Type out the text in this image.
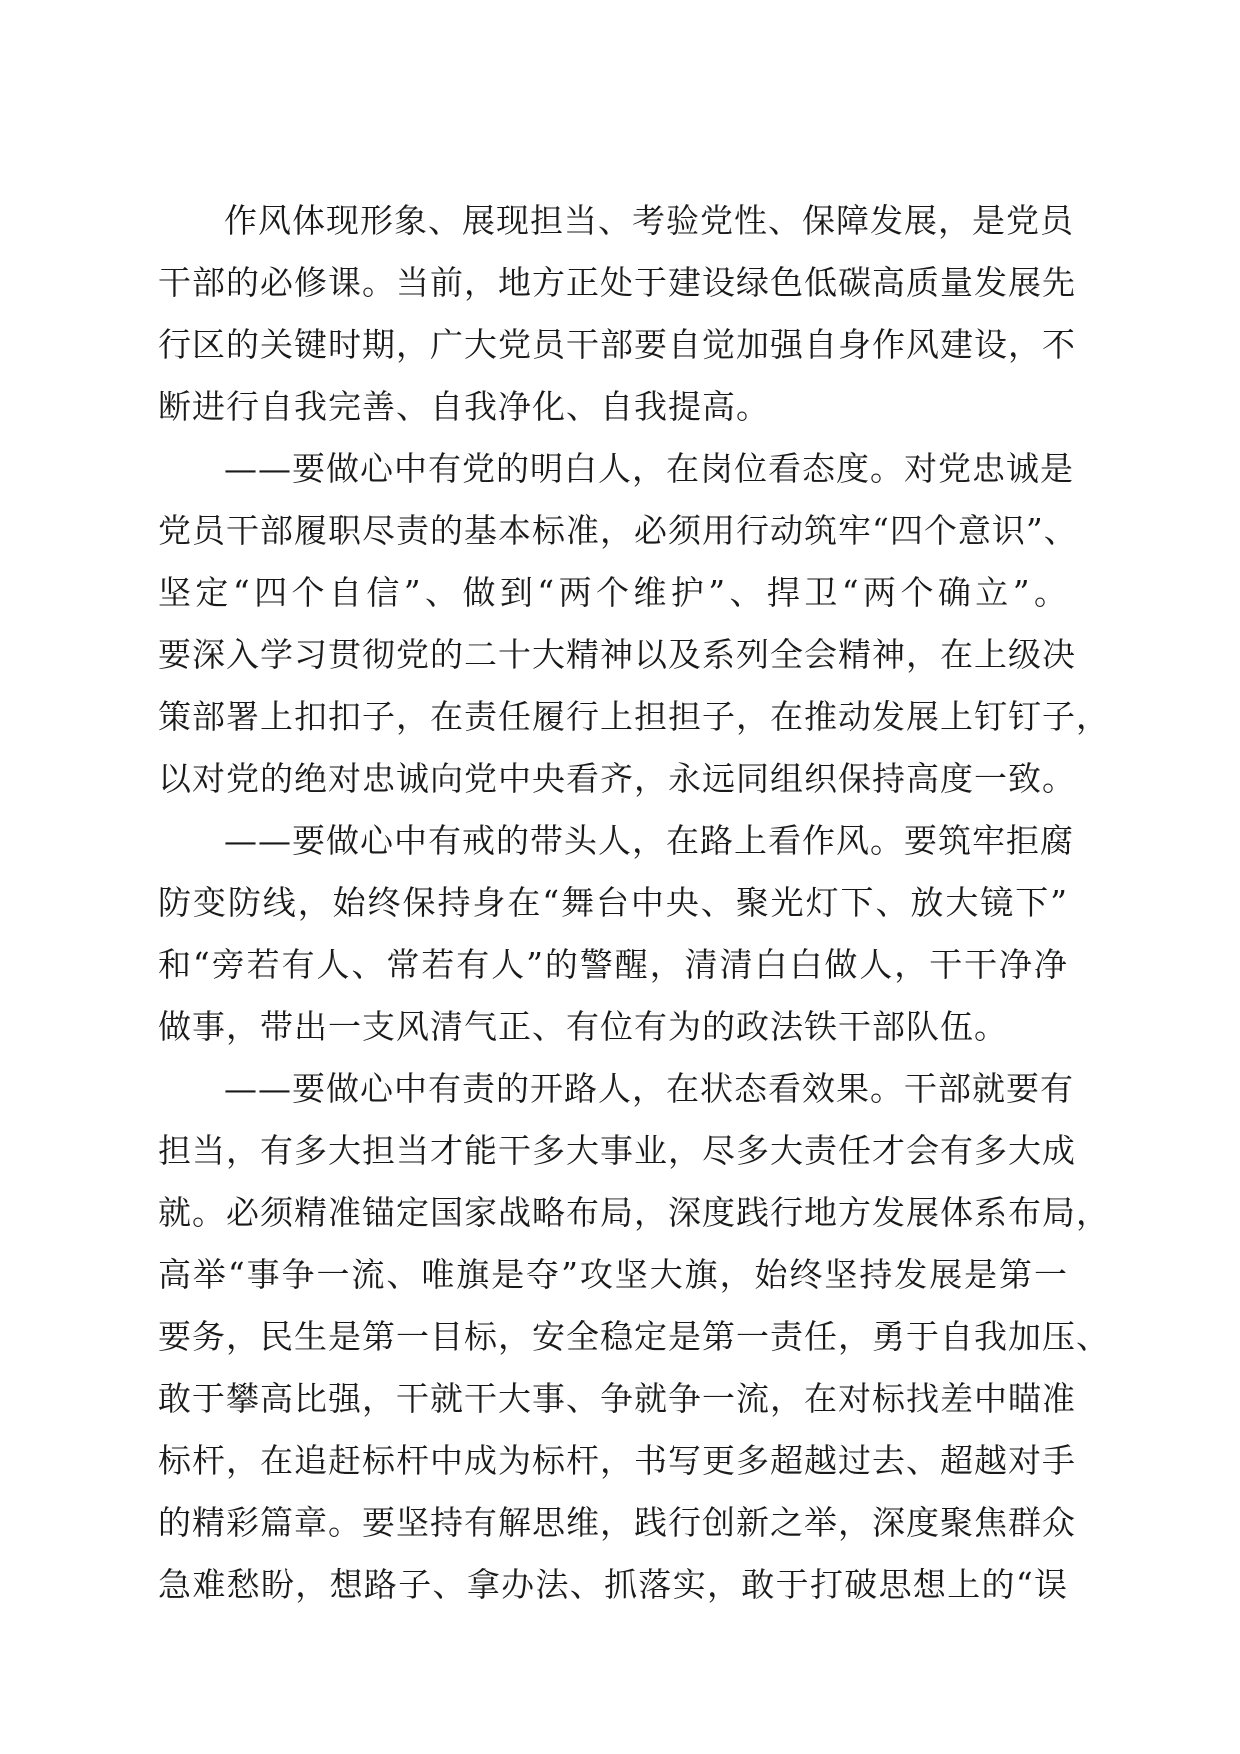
作风体现形象、展现担当、考验党性、保障发展，是党员
干部的必修课。当前，地方正处于建设绿色低碳高质量发展先
行区的关键时期，广大党员干部要自觉加强自身作风建设，不
断进行自我完善、自我净化、自我提高。
——要做心中有党的明白人，在岗位看态度。对党忠诚是
党员干部履职尽责的基本标准，必须用行动筑牢“四个意识”、
坚定“四个自信”、做到“两个维护”、捍卫“两个确立”。
要深入学习贯彻党的二十大精神以及系列全会精神，在上级决
策部署上扣扣子，在责任履行上担担子，在推动发展上钉钉子，
以对党的绝对忠诚向党中央看齐，永远同组织保持高度一致。
——要做心中有戒的带头人，在路上看作风。要筑牢拒腐
防变防线，始终保持身在“舞台中央、聚光灯下、放大镜下”
和“旁若有人、常若有人”的警醒，清清白白做人，干干净净
做事，带出一支风清气正、有位有为的政法铁干部队伍。
——要做心中有责的开路人，在状态看效果。干部就要有
担当，有多大担当才能干多大事业，尽多大责任才会有多大成
就。必须精准锚定国家战略布局，深度践行地方发展体系布局，
高举“事争一流、唯旗是夺”攻坚大旗，始终坚持发展是第一
要务，民生是第一目标，安全稳定是第一责任，勇于自我加压、
敢于攀高比强，干就干大事、争就争一流，在对标找差中瞄准
标杆，在追赶标杆中成为标杆，书写更多超越过去、超越对手
的精彩篇章。要坚持有解思维，践行创新之举，深度聚焦群众
急难愁盼，想路子、拿办法、抓落实，敢于打破思想上的“误
